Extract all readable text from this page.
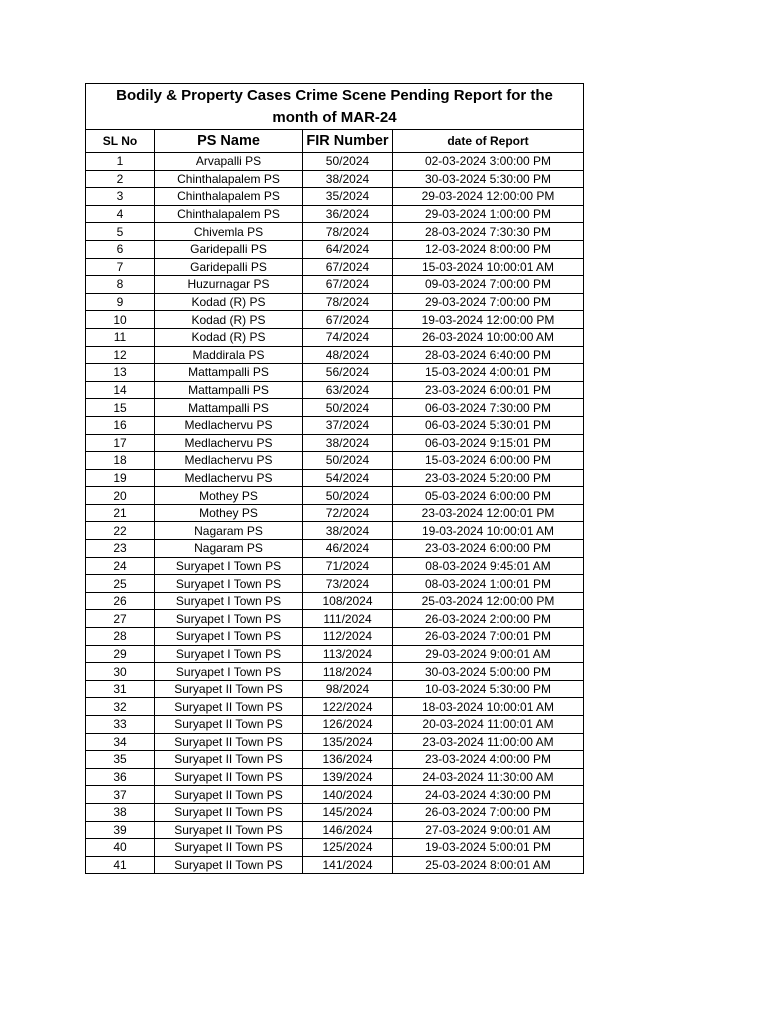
Bodily & Property Cases Crime Scene Pending Report for the
month of MAR-24			

SL No	PS Name	FIR Number	date of Report
1	Arvapalli PS	50/2024	02-03-2024 3:00:00 PM
2	Chinthalapalem PS	38/2024	30-03-2024 5:30:00 PM
3	Chinthalapalem PS	35/2024	29-03-2024 12:00:00 PM
4	Chinthalapalem PS	36/2024	29-03-2024 1:00:00 PM
5	Chivemla PS	78/2024	28-03-2024 7:30:30 PM
6	Garidepalli PS	64/2024	12-03-2024 8:00:00 PM
7	Garidepalli PS	67/2024	15-03-2024 10:00:01 AM
8	Huzurnagar PS	67/2024	09-03-2024 7:00:00 PM
9	Kodad (R) PS	78/2024	29-03-2024 7:00:00 PM
10	Kodad (R) PS	67/2024	19-03-2024 12:00:00 PM
11	Kodad (R) PS	74/2024	26-03-2024 10:00:00 AM
12	Maddirala PS	48/2024	28-03-2024 6:40:00 PM
13	Mattampalli PS	56/2024	15-03-2024 4:00:01 PM
14	Mattampalli PS	63/2024	23-03-2024 6:00:01 PM
15	Mattampalli PS	50/2024	06-03-2024 7:30:00 PM
16	Medlachervu PS	37/2024	06-03-2024 5:30:01 PM
17	Medlachervu PS	38/2024	06-03-2024 9:15:01 PM
18	Medlachervu PS	50/2024	15-03-2024 6:00:00 PM
19	Medlachervu PS	54/2024	23-03-2024 5:20:00 PM
20	Mothey PS	50/2024	05-03-2024 6:00:00 PM
21	Mothey PS	72/2024	23-03-2024 12:00:01 PM
22	Nagaram PS	38/2024	19-03-2024 10:00:01 AM
23	Nagaram PS	46/2024	23-03-2024 6:00:00 PM
24	Suryapet I Town PS	71/2024	08-03-2024 9:45:01 AM
25	Suryapet I Town PS	73/2024	08-03-2024 1:00:01 PM
26	Suryapet I Town PS	108/2024	25-03-2024 12:00:00 PM
27	Suryapet I Town PS	111/2024	26-03-2024 2:00:00 PM
28	Suryapet I Town PS	112/2024	26-03-2024 7:00:01 PM
29	Suryapet I Town PS	113/2024	29-03-2024 9:00:01 AM
30	Suryapet I Town PS	118/2024	30-03-2024 5:00:00 PM
31	Suryapet II Town PS	98/2024	10-03-2024 5:30:00 PM
32	Suryapet II Town PS	122/2024	18-03-2024 10:00:01 AM
33	Suryapet II Town PS	126/2024	20-03-2024 11:00:01 AM
34	Suryapet II Town PS	135/2024	23-03-2024 11:00:00 AM
35	Suryapet II Town PS	136/2024	23-03-2024 4:00:00 PM
36	Suryapet II Town PS	139/2024	24-03-2024 11:30:00 AM
37	Suryapet II Town PS	140/2024	24-03-2024 4:30:00 PM
38	Suryapet II Town PS	145/2024	26-03-2024 7:00:00 PM
39	Suryapet II Town PS	146/2024	27-03-2024 9:00:01 AM
40	Suryapet II Town PS	125/2024	19-03-2024 5:00:01 PM
41	Suryapet II Town PS	141/2024	25-03-2024 8:00:01 AM
